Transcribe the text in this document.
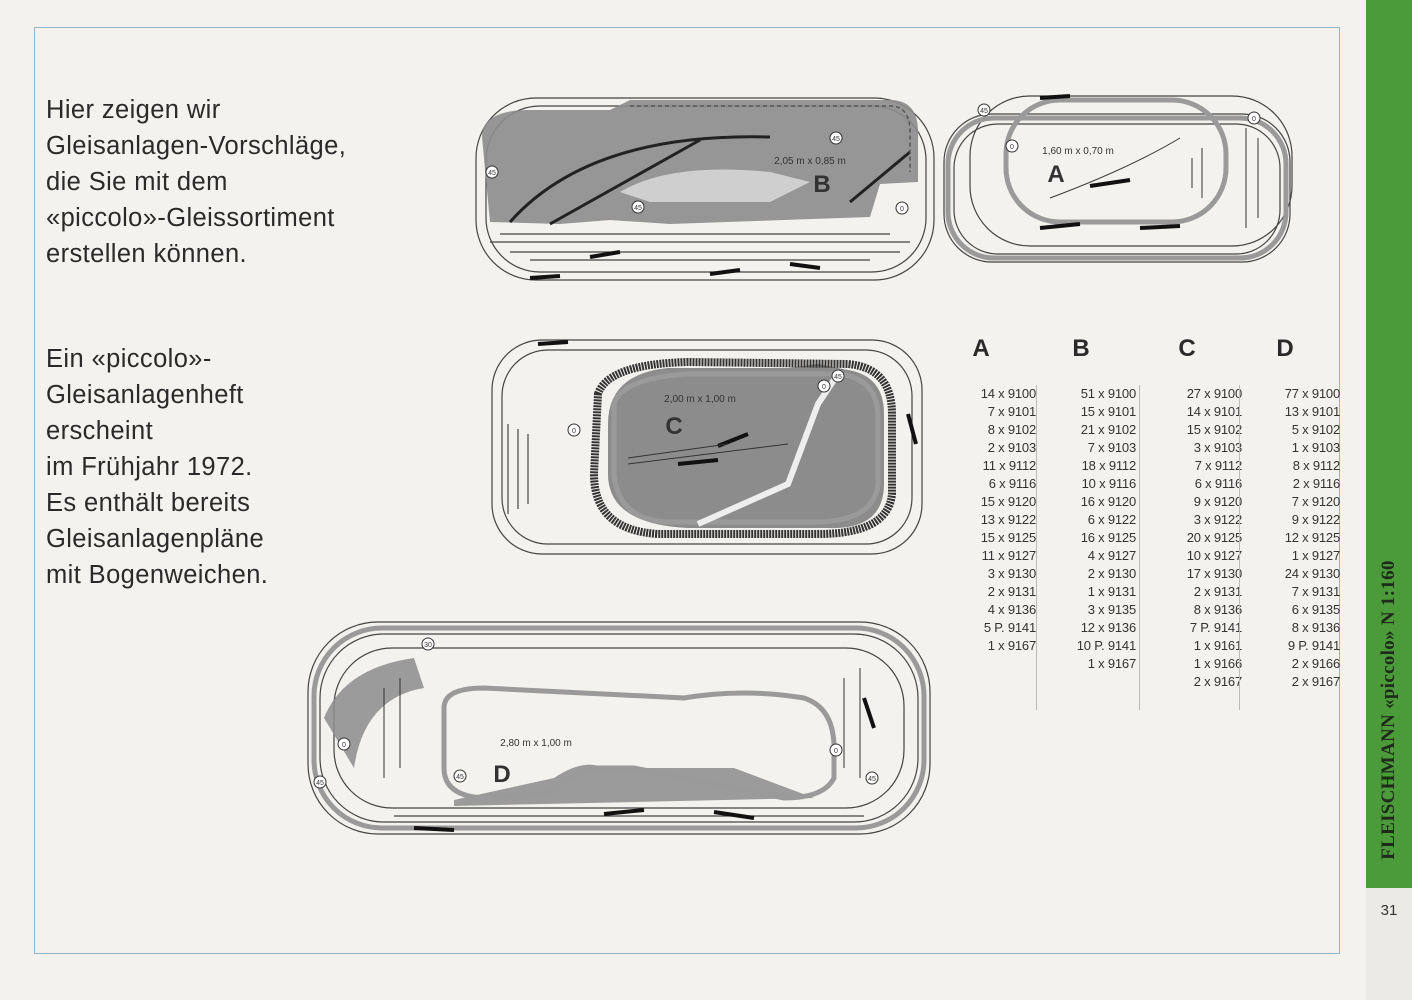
Hier zeigen wir
Gleisanlagen-Vorschläge,
die Sie mit dem
«piccolo»-Gleissortiment
erstellen können.

Ein «piccolo»-
Gleisanlagenheft
erscheint
im Frühjahr 1972.
Es enthält bereits
Gleisanlagenpläne
mit Bogenweichen.

45
45
45	0
2,05 m x 0,85 m
B
45
0
0
1,60 m x 0,70 m
A
0
0
45
2,00 m x 1,00 m
C
30
0
45
45
0
45
2,80 m x 1,00 m
D
A
14 x 9100
7 x 9101
8 x 9102
2 x 9103
11 x 9112
6 x 9116
15 x 9120
13 x 9122
15 x 9125
11 x 9127
3 x 9130
2 x 9131
4 x 9136
5 P. 9141
1 x 9167
B
51 x 9100
15 x 9101
21 x 9102
7 x 9103
18 x 9112
10 x 9116
16 x 9120
6 x 9122
16 x 9125
4 x 9127
2 x 9130
1 x 9131
3 x 9135
12 x 9136
10 P. 9141
1 x 9167
C
27 x 9100
14 x 9101
15 x 9102
3 x 9103
7 x 9112
6 x 9116
9 x 9120
3 x 9122
20 x 9125
10 x 9127
17 x 9130
2 x 9131
8 x 9136
7 P. 9141
1 x 9161
1 x 9166
2 x 9167
D
77 x 9100
13 x 9101
5 x 9102
1 x 9103
8 x 9112
2 x 9116
7 x 9120
9 x 9122
12 x 9125
1 x 9127
24 x 9130
7 x 9131
6 x 9135
8 x 9136
9 P. 9141
2 x 9166
2 x 9167 FLEISCHMANN «piccolo» N 1:160
31
